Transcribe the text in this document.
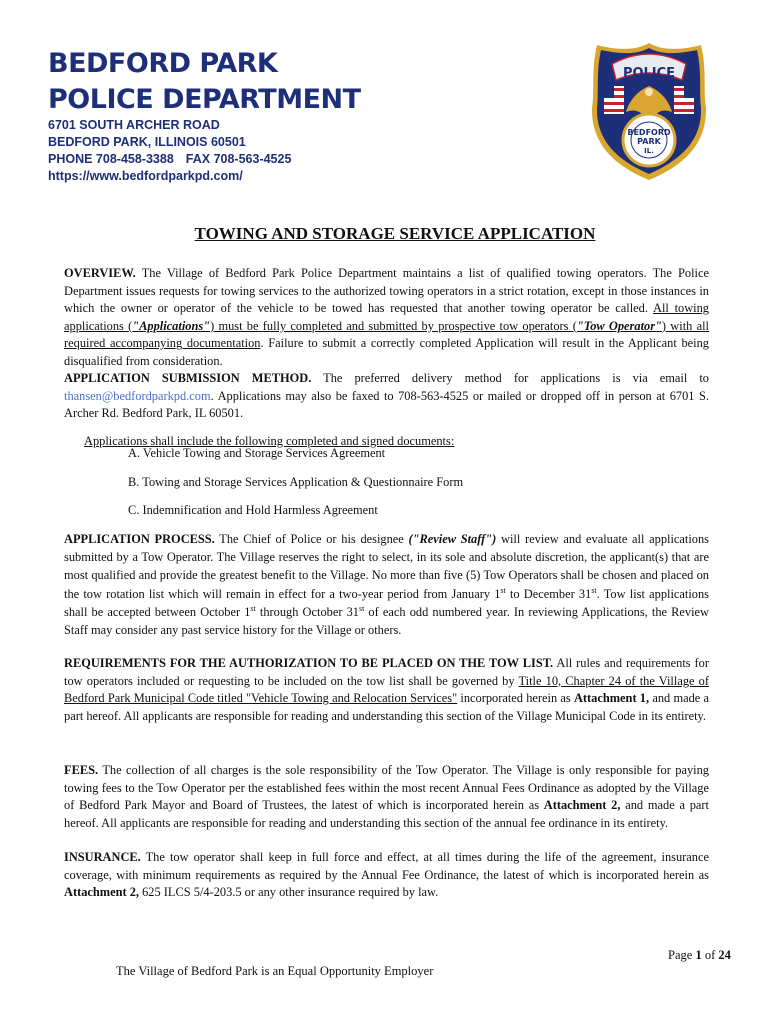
BEDFORD PARK
POLICE DEPARTMENT
6701 SOUTH ARCHER ROAD
BEDFORD PARK, ILLINOIS 60501
PHONE 708-458-3388 FAX 708-563-4525
https://www.bedfordparkpd.com/
POLICE
BEDFORD
PARK
IL.
TOWING AND STORAGE SERVICE APPLICATION

OVERVIEW. The Village of Bedford Park Police Department maintains a list of qualified towing operators. The Police Department issues requests for towing services to the authorized towing operators in a strict rotation, except in those instances in which the owner or operator of the vehicle to be towed has requested that another towing operator be called. All towing applications ("Applications") must be fully completed and submitted by prospective tow operators ("Tow Operator") with all required accompanying documentation. Failure to submit a correctly completed Application will result in the Applicant being disqualified from consideration.

APPLICATION SUBMISSION METHOD. The preferred delivery method for applications is via email to thansen@bedfordparkpd.com. Applications may also be faxed to 708-563-4525 or mailed or dropped off in person at 6701 S. Archer Rd. Bedford Park, IL 60501.

Applications shall include the following completed and signed documents:

A. Vehicle Towing and Storage Services Agreement
B. Towing and Storage Services Application & Questionnaire Form
C. Indemnification and Hold Harmless Agreement

APPLICATION PROCESS. The Chief of Police or his designee ("Review Staff") will review and evaluate all applications submitted by a Tow Operator. The Village reserves the right to select, in its sole and absolute discretion, the applicant(s) that are most qualified and provide the greatest benefit to the Village. No more than five (5) Tow Operators shall be chosen and placed on the tow rotation list which will remain in effect for a two-year period from January 1st to December 31st. Tow list applications shall be accepted between October 1st through October 31st of each odd numbered year. In reviewing Applications, the Review Staff may consider any past service history for the Village or others.

REQUIREMENTS FOR THE AUTHORIZATION TO BE PLACED ON THE TOW LIST. All rules and requirements for tow operators included or requesting to be included on the tow list shall be governed by Title 10, Chapter 24 of the Village of Bedford Park Municipal Code titled "Vehicle Towing and Relocation Services" incorporated herein as Attachment 1, and made a part hereof. All applicants are responsible for reading and understanding this section of the Village Municipal Code in its entirety.

FEES. The collection of all charges is the sole responsibility of the Tow Operator. The Village is only responsible for paying towing fees to the Tow Operator per the established fees within the most recent Annual Fees Ordinance as adopted by the Village of Bedford Park Mayor and Board of Trustees, the latest of which is incorporated herein as Attachment 2, and made a part hereof. All applicants are responsible for reading and understanding this section of the annual fee ordinance in its entirety.

INSURANCE. The tow operator shall keep in full force and effect, at all times during the life of the agreement, insurance coverage, with minimum requirements as required by the Annual Fee Ordinance, the latest of which is incorporated herein as Attachment 2, 625 ILCS 5/4-203.5 or any other insurance required by law.

Page 1 of 24
The Village of Bedford Park is an Equal Opportunity Employer
